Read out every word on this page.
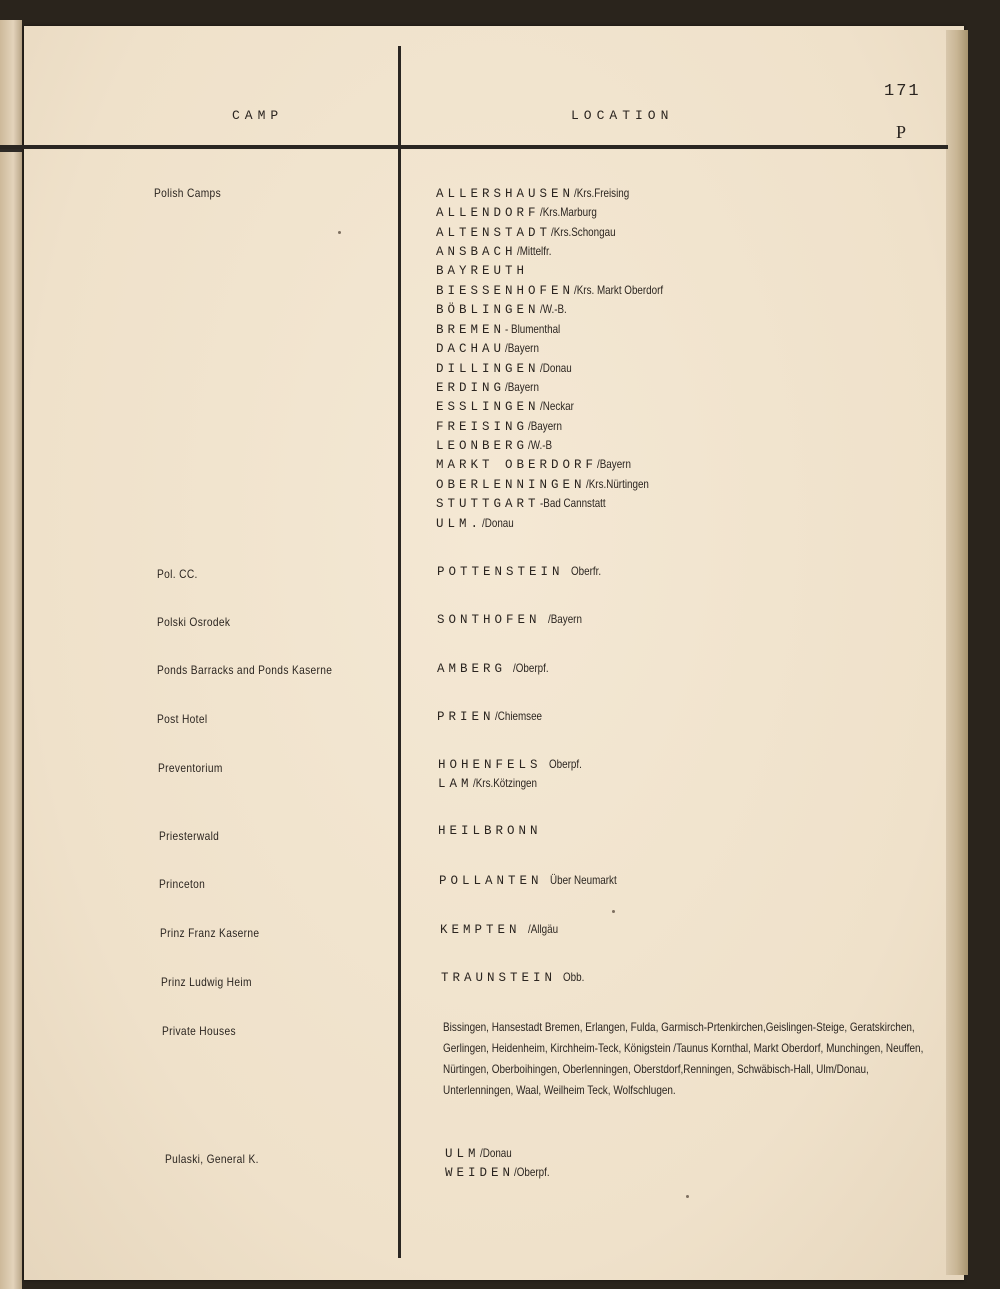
CAMP	LOCATION
171
P
Polish Camps
Pol. CC.
Polski Osrodek
Ponds Barracks and Ponds Kaserne
Post Hotel
Preventorium
Priesterwald
Princeton
Prinz Franz Kaserne
Prinz Ludwig Heim
Private Houses
Pulaski, General K.
ALLERSHAUSEN/Krs.Freising
ALLENDORF/Krs.Marburg
ALTENSTADT/Krs.Schongau
ANSBACH/Mittelfr.
BAYREUTH
BIESSENHOFEN/Krs. Markt Oberdorf
BÖBLINGEN/W.-B.
BREMEN- Blumenthal
DACHAU/Bayern
DILLINGEN/Donau
ERDING/Bayern
ESSLINGEN/Neckar
FREISING/Bayern
LEONBERG/W.-B
MARKT OBERDORF/Bayern
OBERLENNINGEN/Krs.Nürtingen
STUTTGART-Bad Cannstatt
ULM./Donau
POTTENSTEIN Oberfr.
SONTHOFEN /Bayern
AMBERG /Oberpf.
PRIEN/Chiemsee
HOHENFELS Oberpf.
LAM/Krs.Kötzingen
HEILBRONN
POLLANTEN Über Neumarkt
KEMPTEN /Allgäu
TRAUNSTEIN Obb.
Bissingen, Hansestadt Bremen, Erlangen, Fulda, Garmisch-Prtenkirchen,Geislingen-Steige, Geratskirchen, Gerlingen, Heidenheim, Kirchheim-Teck, Königstein /Taunus Kornthal, Markt Oberdorf, Munchingen, Neuffen, Nürtingen, Oberboihingen, Oberlenningen, Oberstdorf,Renningen, Schwäbisch-Hall, Ulm/Donau, Unterlenningen, Waal, Weilheim Teck, Wolfschlugen.
ULM/Donau
WEIDEN/Oberpf.
